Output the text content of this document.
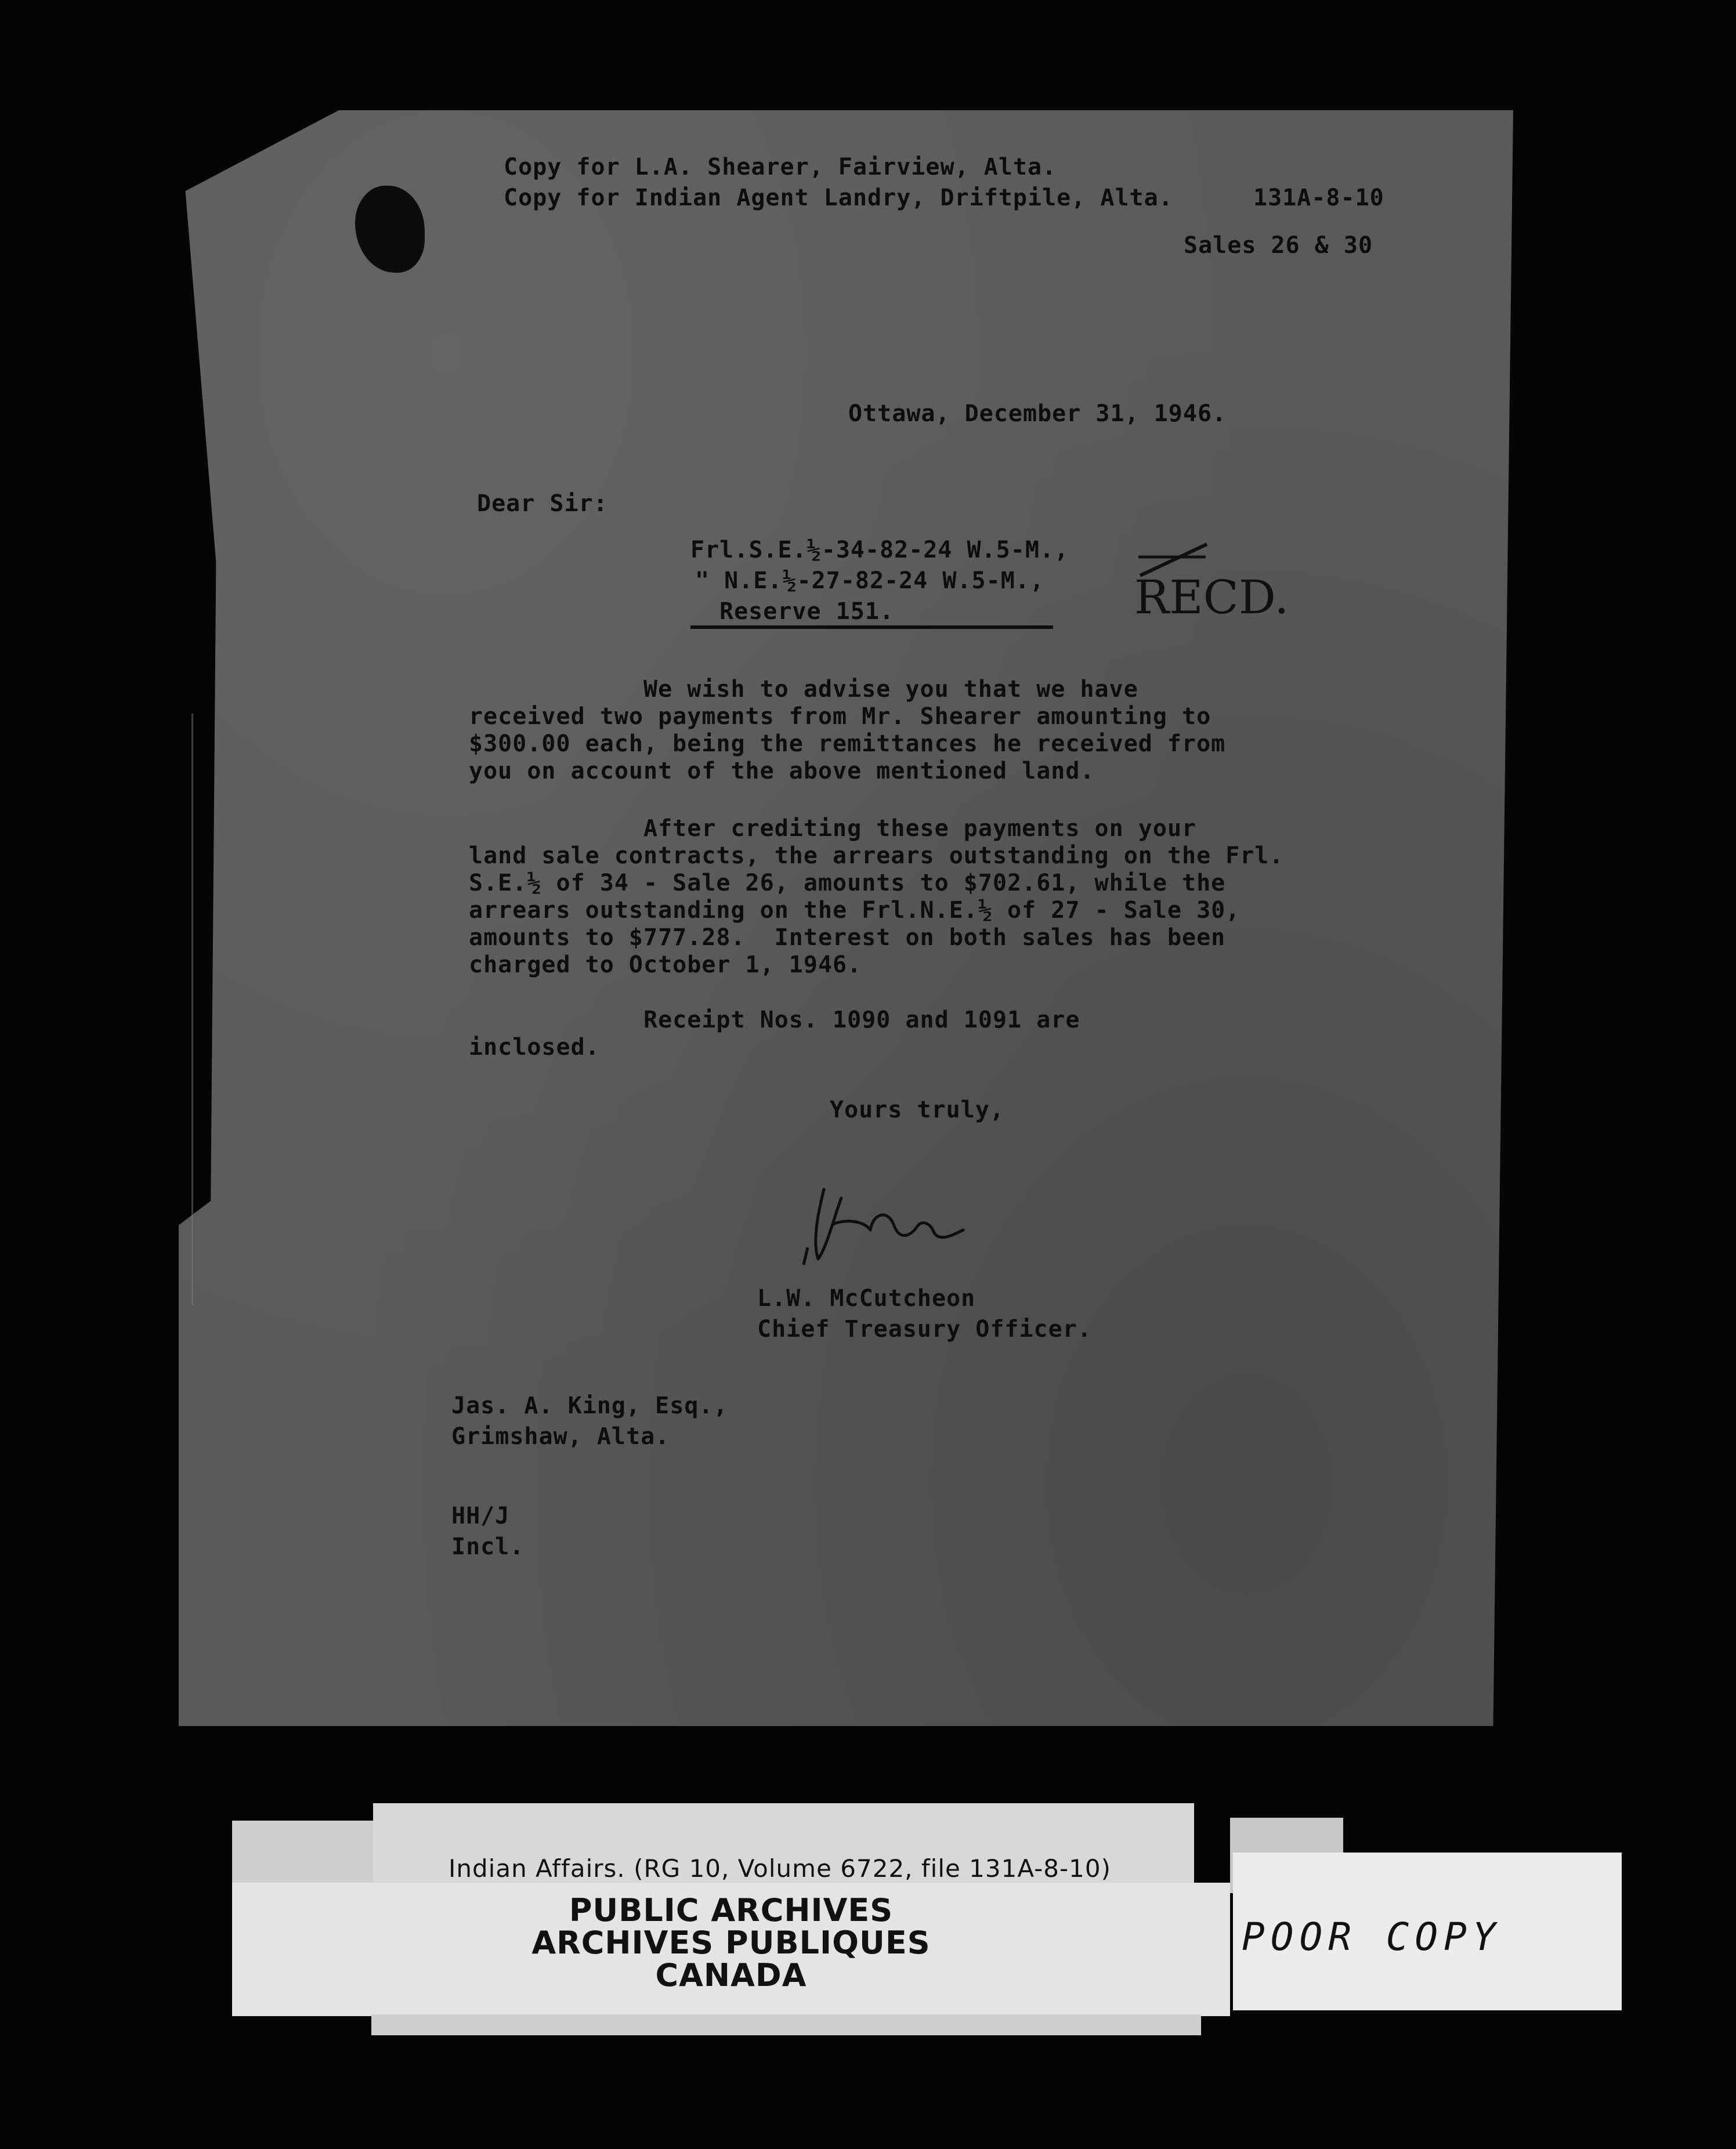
Copy for L.A. Shearer, Fairview, Alta.

Copy for Indian Agent Landry, Driftpile, Alta.	131A-8-10

Sales 26 & 30

Ottawa, December 31, 1946.

Dear Sir:

Frl.S.E.½-34-82-24 W.5-M.,

" N.E.½-27-82-24 W.5-M.,

Reserve 151.	RECD.

We wish to advise you that we have
received two payments from Mr. Shearer amounting to
$300.00 each, being the remittances he received from
you on account of the above mentioned land.

After crediting these payments on your
land sale contracts, the arrears outstanding on the Frl.
S.E.½ of 34 - Sale 26, amounts to $702.61, while the
arrears outstanding on the Frl.N.E.½ of 27 - Sale 30,
amounts to $777.28.  Interest on both sales has been
charged to October 1, 1946.

Receipt Nos. 1090 and 1091 are
inclosed.

Yours truly,

L.W. McCutcheon

Chief Treasury Officer.

Jas. A. King, Esq.,

Grimshaw, Alta.

HH/J

Incl.

Indian Affairs. (RG 10, Volume 6722, file 131A-8-10)

PUBLIC ARCHIVES

ARCHIVES PUBLIQUES

CANADA

POOR COPY
